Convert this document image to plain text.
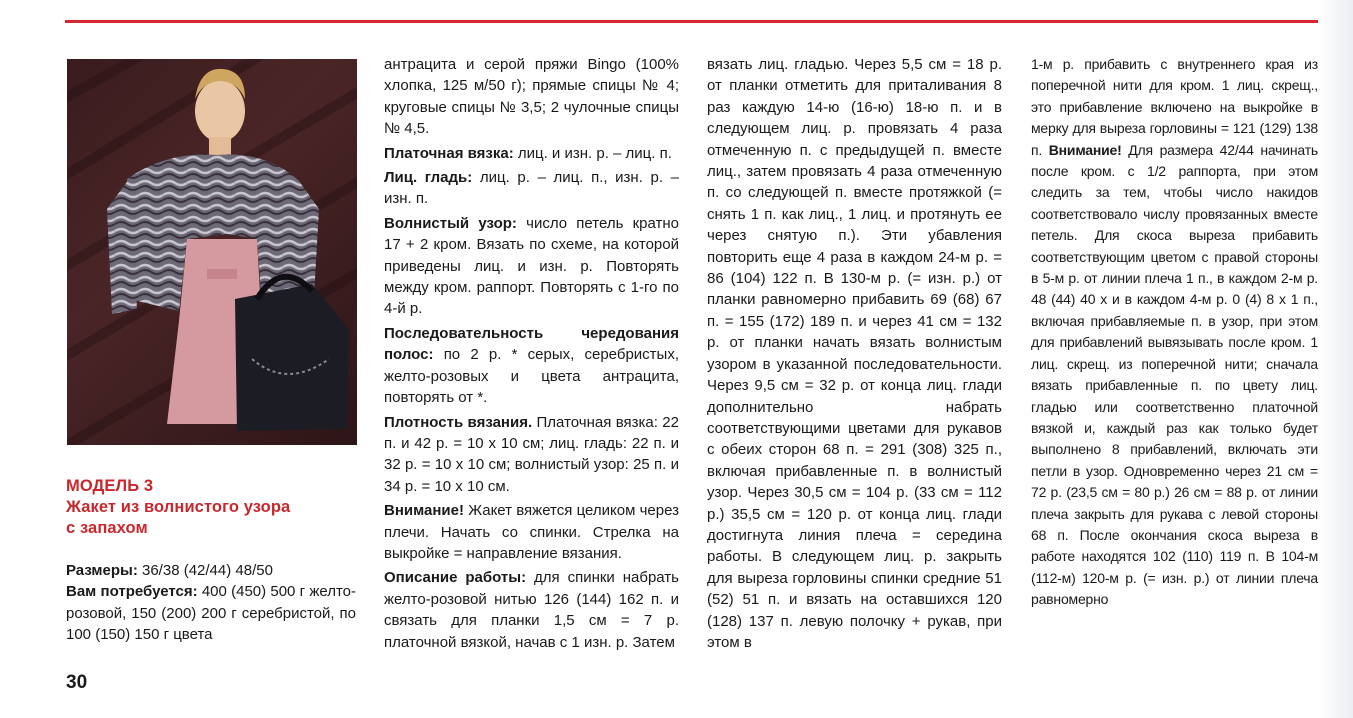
МОДЕЛЬ 3
Жакет из волнистого узора
с запахом

Размеры: 36/38 (42/44) 48/50

Вам потребуется: 400 (450) 500 г желто-розовой, 150 (200) 200 г серебристой, по 100 (150) 150 г цвета

антрацита и серой пряжи Bingo (100% хлопка, 125 м/50 г); прямые спицы № 4; круговые спицы № 3,5; 2 чулочные спицы № 4,5.

Платочная вязка: лиц. и изн. р. – лиц. п.

Лиц. гладь: лиц. р. – лиц. п., изн. р. – изн. п.

Волнистый узор: число петель кратно 17 + 2 кром. Вязать по схеме, на которой приведены лиц. и изн. р. Повторять между кром. раппорт. Повторять с 1-го по 4-й р.

Последовательность чередования полос: по 2 р. * серых, серебристых, желто-розовых и цвета антрацита, повторять от *.

Плотность вязания. Платочная вязка: 22 п. и 42 р. = 10 х 10 см; лиц. гладь: 22 п. и 32 р. = 10 х 10 см; волнистый узор: 25 п. и 34 р. = 10 х 10 см.

Внимание! Жакет вяжется целиком через плечи. Начать со спинки. Стрелка на выкройке = направление вязания.

Описание работы: для спинки набрать желто-розовой нитью 126 (144) 162 п. и связать для планки 1,5 см = 7 р. платочной вязкой, начав с 1 изн. р. Затем

вязать лиц. гладью. Через 5,5 см = 18 р. от планки отметить для приталивания 8 раз каждую 14-ю (16-ю) 18-ю п. и в следующем лиц. р. провязать 4 раза отмеченную п. с предыдущей п. вместе лиц., затем провязать 4 раза отмеченную п. со следующей п. вместе протяжкой (= снять 1 п. как лиц., 1 лиц. и протянуть ее через снятую п.). Эти убавления повторить еще 4 раза в каждом 24-м р. = 86 (104) 122 п. В 130-м р. (= изн. р.) от планки равномерно прибавить 69 (68) 67 п. = 155 (172) 189 п. и через 41 см = 132 р. от планки начать вязать волнистым узором в указанной последовательности. Через 9,5 см = 32 р. от конца лиц. глади дополнительно набрать соответствующими цветами для рукавов с обеих сторон 68 п. = 291 (308) 325 п., включая прибавленные п. в волнистый узор. Через 30,5 см = 104 р. (33 см = 112 р.) 35,5 см = 120 р. от конца лиц. глади достигнута линия плеча = середина работы. В следующем лиц. р. закрыть для выреза горловины спинки средние 51 (52) 51 п. и вязать на оставшихся 120 (128) 137 п. левую полочку + рукав, при этом в

1-м р. прибавить с внутреннего края из поперечной нити для кром. 1 лиц. скрещ., это прибавление включено на выкройке в мерку для выреза горловины = 121 (129) 138 п. Внимание! Для размера 42/44 начинать после кром. с 1/2 раппорта, при этом следить за тем, чтобы число накидов соответствовало числу провязанных вместе петель. Для скоса выреза прибавить соответствующим цветом с правой стороны в 5-м р. от линии плеча 1 п., в каждом 2-м р. 48 (44) 40 х и в каждом 4-м р. 0 (4) 8 х 1 п., включая прибавляемые п. в узор, при этом для прибавлений вывязывать после кром. 1 лиц. скрещ. из поперечной нити; сначала вязать прибавленные п. по цвету лиц. гладью или соответственно платочной вязкой и, каждый раз как только будет выполнено 8 прибавлений, включать эти петли в узор. Одновременно через 21 см = 72 р. (23,5 см = 80 р.) 26 см = 88 р. от линии плеча закрыть для рукава с левой стороны 68 п. После окончания скоса выреза в работе находятся 102 (110) 119 п. В 104-м (112-м) 120-м р. (= изн. р.) от линии плеча равномерно

30
